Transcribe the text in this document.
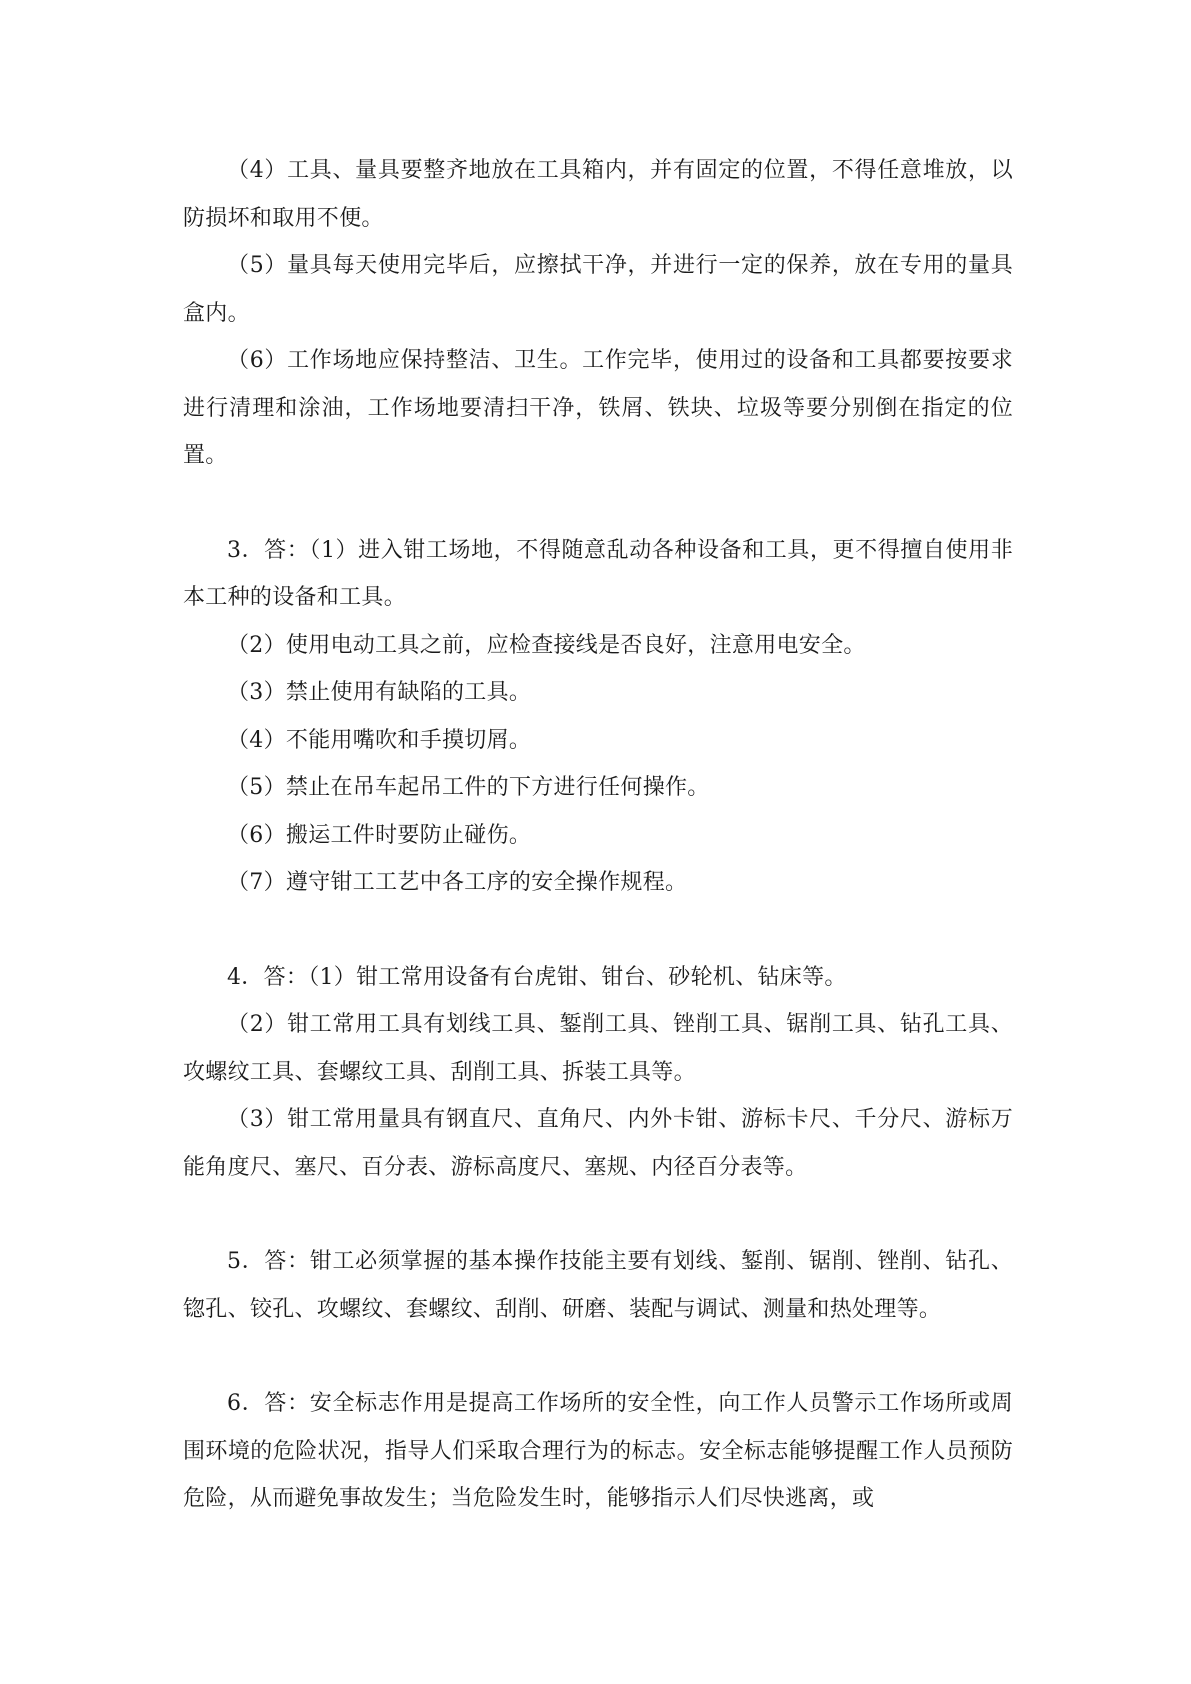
（4）工具、量具要整齐地放在工具箱内，并有固定的位置，不得任意堆放，以防损坏和取用不便。

（5）量具每天使用完毕后，应擦拭干净，并进行一定的保养，放在专用的量具盒内。

（6）工作场地应保持整洁、卫生。工作完毕，使用过的设备和工具都要按要求进行清理和涂油，工作场地要清扫干净，铁屑、铁块、垃圾等要分别倒在指定的位置。

3．答：（1）进入钳工场地，不得随意乱动各种设备和工具，更不得擅自使用非本工种的设备和工具。

（2）使用电动工具之前，应检查接线是否良好，注意用电安全。

（3）禁止使用有缺陷的工具。

（4）不能用嘴吹和手摸切屑。

（5）禁止在吊车起吊工件的下方进行任何操作。

（6）搬运工件时要防止碰伤。

（7）遵守钳工工艺中各工序的安全操作规程。

4．答：（1）钳工常用设备有台虎钳、钳台、砂轮机、钻床等。

（2）钳工常用工具有划线工具、錾削工具、锉削工具、锯削工具、钻孔工具、攻螺纹工具、套螺纹工具、刮削工具、拆装工具等。

（3）钳工常用量具有钢直尺、直角尺、内外卡钳、游标卡尺、千分尺、游标万能角度尺、塞尺、百分表、游标高度尺、塞规、内径百分表等。

5．答：钳工必须掌握的基本操作技能主要有划线、錾削、锯削、锉削、钻孔、锪孔、铰孔、攻螺纹、套螺纹、刮削、研磨、装配与调试、测量和热处理等。

6．答：安全标志作用是提高工作场所的安全性，向工作人员警示工作场所或周围环境的危险状况，指导人们采取合理行为的标志。安全标志能够提醒工作人员预防危险，从而避免事故发生；当危险发生时，能够指示人们尽快逃离，或
